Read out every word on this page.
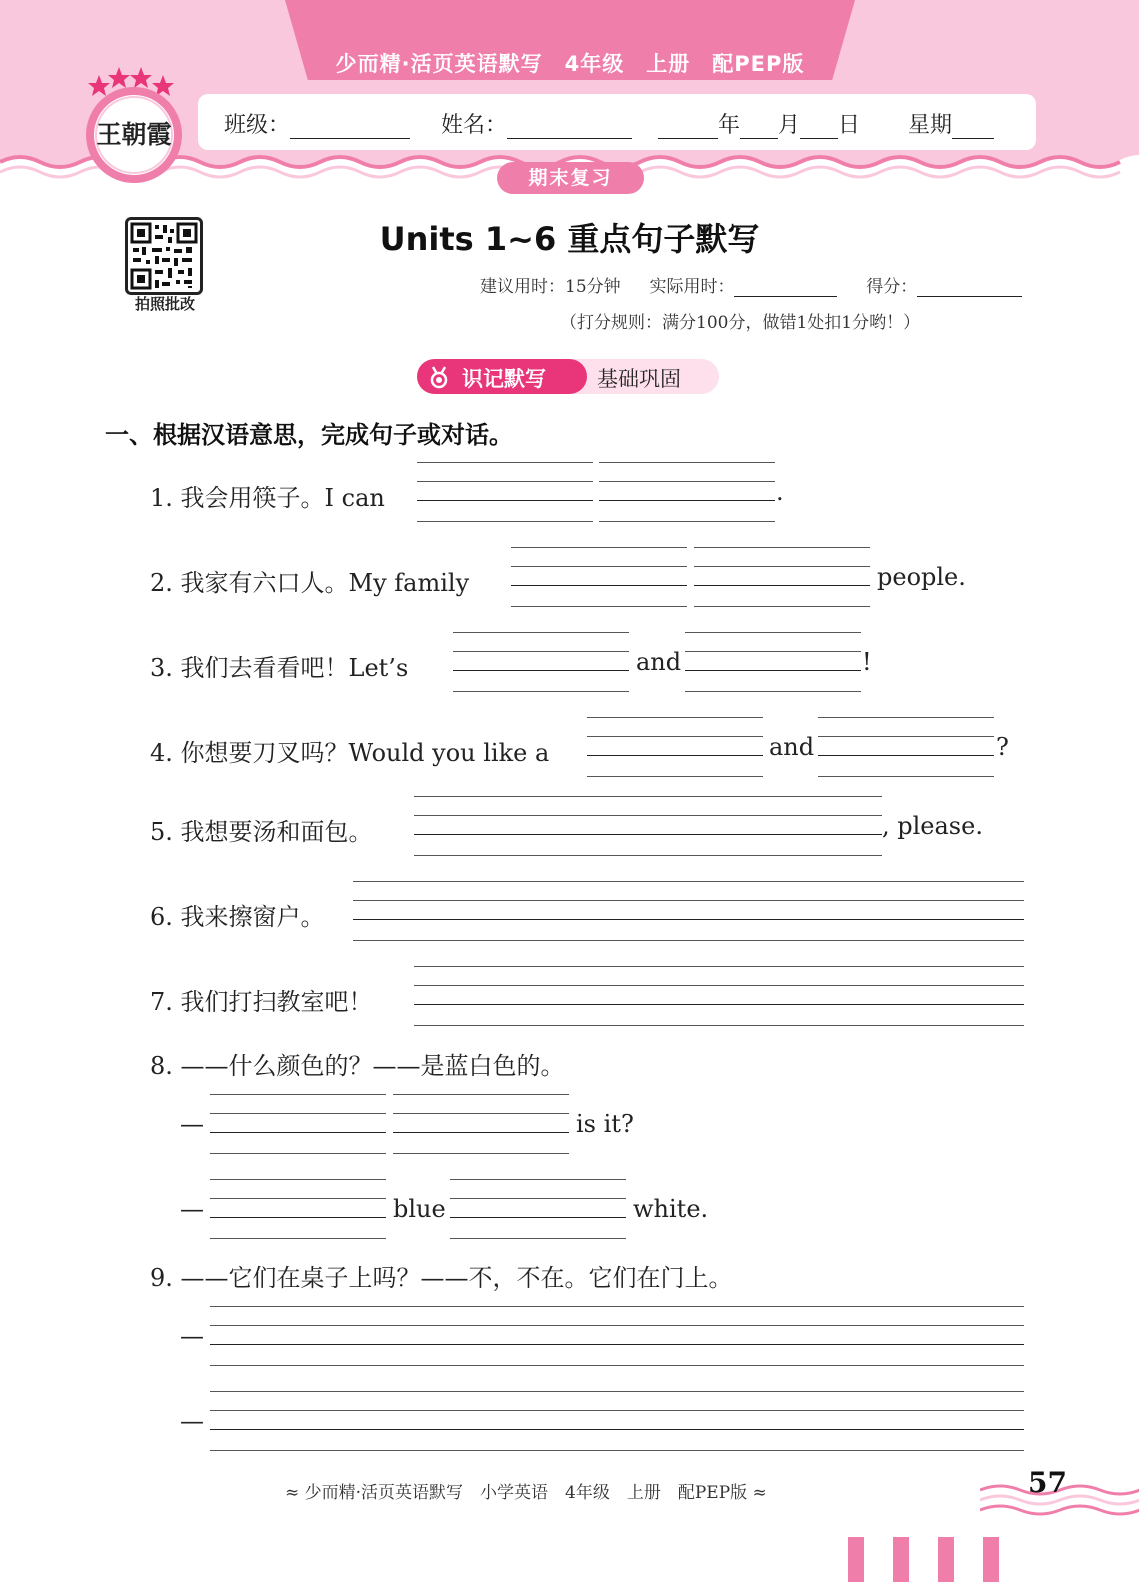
少而精·活页英语默写　4年级　上册　配PEP版
班级：	姓名：	年 月 日 星期
期末复习
王朝霞
拍照批改
Units 1~6 重点句子默写
建议用时：15分钟 实际用时：	得分：
（打分规则：满分100分，做错1处扣1分哟！）
识记默写 基础巩固
一、根据汉语意思，完成句子或对话。
1. 我会用筷子。I can	.
2. 我家有六口人。My family	people.
3. 我们去看看吧！Let’s	and	!
4. 你想要刀叉吗？Would you like a	and	?
5. 我想要汤和面包。	, please.
6. 我来擦窗户。
7. 我们打扫教室吧！
8. ——什么颜色的？——是蓝白色的。
—	is it?
—	blue	white.
9. ——它们在桌子上吗？——不，不在。它们在门上。
—
—
≈ 少而精·活页英语默写　小学英语　4年级　上册　配PEP版 ≈	57
